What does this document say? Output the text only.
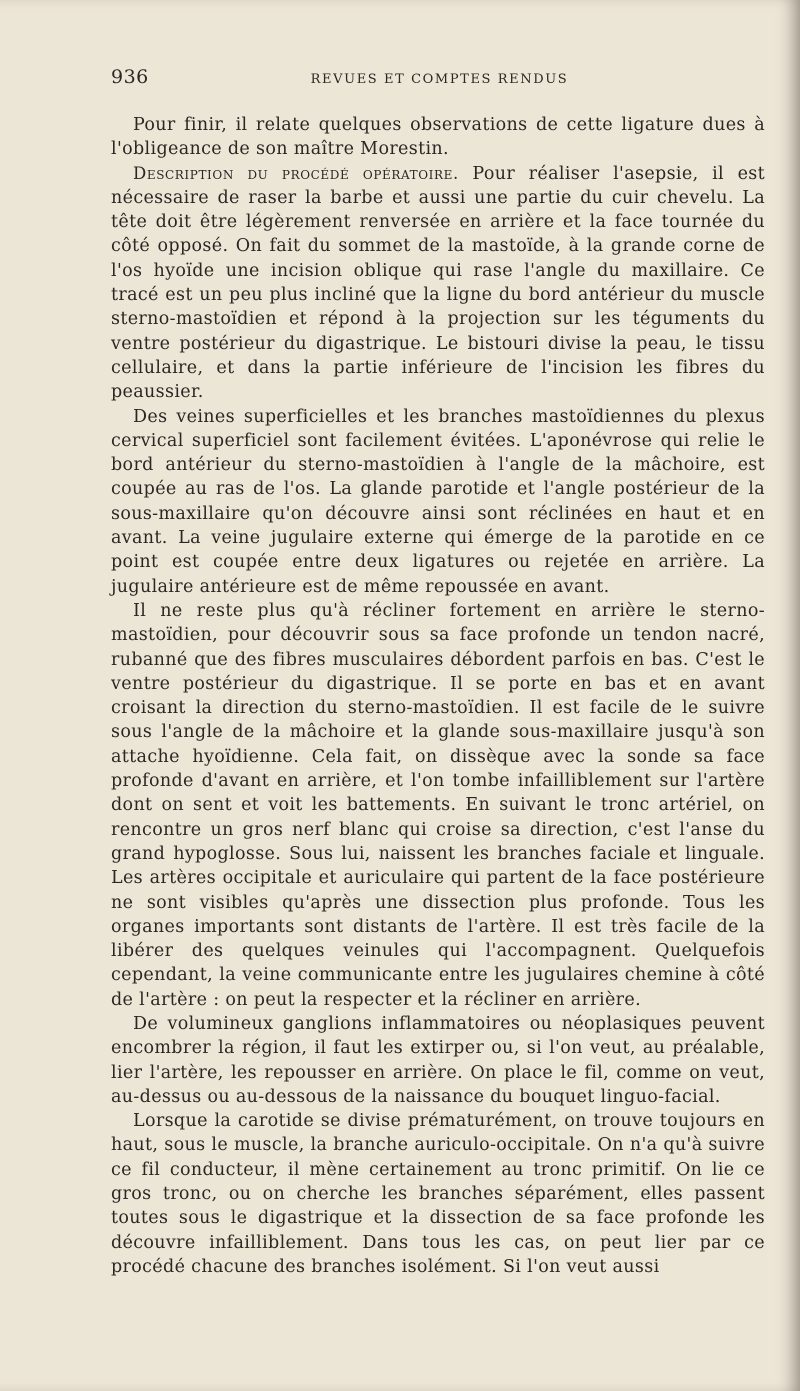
936	REVUES ET COMPTES RENDUS

Pour finir, il relate quelques observations de cette ligature dues à l'obligeance de son maître Morestin.

Description du procédé opératoire. Pour réaliser l'asepsie, il est nécessaire de raser la barbe et aussi une partie du cuir chevelu. La tête doit être légèrement renversée en arrière et la face tournée du côté opposé. On fait du sommet de la mastoïde, à la grande corne de l'os hyoïde une incision oblique qui rase l'angle du maxillaire. Ce tracé est un peu plus incliné que la ligne du bord antérieur du muscle sterno-mastoïdien et répond à la projection sur les téguments du ventre postérieur du digastrique. Le bistouri divise la peau, le tissu cellulaire, et dans la partie inférieure de l'incision les fibres du peaussier.

Des veines superficielles et les branches mastoïdiennes du plexus cervical superficiel sont facilement évitées. L'aponévrose qui relie le bord antérieur du sterno-mastoïdien à l'angle de la mâchoire, est coupée au ras de l'os. La glande parotide et l'angle postérieur de la sous-maxillaire qu'on découvre ainsi sont réclinées en haut et en avant. La veine jugulaire externe qui émerge de la parotide en ce point est coupée entre deux ligatures ou rejetée en arrière. La jugulaire antérieure est de même repoussée en avant.

Il ne reste plus qu'à récliner fortement en arrière le sterno-mastoïdien, pour découvrir sous sa face profonde un tendon nacré, rubanné que des fibres musculaires débordent parfois en bas. C'est le ventre postérieur du digastrique. Il se porte en bas et en avant croisant la direction du sterno-mastoïdien. Il est facile de le suivre sous l'angle de la mâchoire et la glande sous-maxillaire jusqu'à son attache hyoïdienne. Cela fait, on dissèque avec la sonde sa face profonde d'avant en arrière, et l'on tombe infailliblement sur l'artère dont on sent et voit les battements. En suivant le tronc artériel, on rencontre un gros nerf blanc qui croise sa direction, c'est l'anse du grand hypoglosse. Sous lui, naissent les branches faciale et linguale. Les artères occipitale et auriculaire qui partent de la face postérieure ne sont visibles qu'après une dissection plus profonde. Tous les organes importants sont distants de l'artère. Il est très facile de la libérer des quelques veinules qui l'accompagnent. Quelquefois cependant, la veine communicante entre les jugulaires chemine à côté de l'artère : on peut la respecter et la récliner en arrière.

De volumineux ganglions inflammatoires ou néoplasiques peuvent encombrer la région, il faut les extirper ou, si l'on veut, au préalable, lier l'artère, les repousser en arrière. On place le fil, comme on veut, au-dessus ou au-dessous de la naissance du bouquet linguo-facial.

Lorsque la carotide se divise prématurément, on trouve toujours en haut, sous le muscle, la branche auriculo-occipitale. On n'a qu'à suivre ce fil conducteur, il mène certainement au tronc primitif. On lie ce gros tronc, ou on cherche les branches séparément, elles passent toutes sous le digastrique et la dissection de sa face profonde les découvre infailliblement. Dans tous les cas, on peut lier par ce procédé chacune des branches isolément. Si l'on veut aussi
